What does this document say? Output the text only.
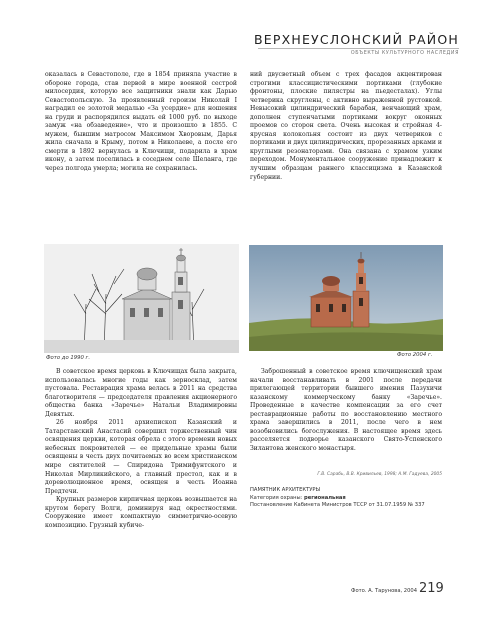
ВЕРХНЕУСЛОНСКИЙ РАЙОН
ОБЪЕКТЫ КУЛЬТУРНОГО НАСЛЕДИЯ

оказалась в Севастополе, где в 1854 приняла участие в обороне города, став первой в мире военной сестрой милосердия, которую все защитники знали как Дарью Севастопольскую. За проявленный героизм Николай I наградил ее золотой медалью «За усердие» для ношения на груди и распорядился выдать ей 1000 руб. по выходе замуж «на обзаведение», что и произошло в 1855. С мужем, бывшим матросом Максимом Хворовым, Дарья жила сначала в Крыму, потом в Николаеве, а после его смерти в 1892 вернулась в Ключищи, подарила в храм икону, а затем поселилась в соседнем селе Шеланга, где через полгода умерла; могила не сохранилась.

ний двусветный объем с трех фасадов акцентирован строгими классицистическими портиками (глубокие фронтоны, плоские пилястры на пьедесталах). Углы четверика скруглены, с активно выраженной рустовкой. Невысокий цилиндрический барабан, венчающий храм, дополнен ступенчатыми портиками вокруг оконных проемов со сторон света. Очень высокая и стройная 4-ярусная колокольня состоит из двух четвериков с портиками и двух цилиндрических, прорезанных арками и круглыми резонаторами. Она связана с храмом узким переходом. Монументальное сооружение принадлежит к лучшим образцам раннего классицизма в Казанской губернии.

Фото до 1990 г.	Фото 2004 г.

В советское время церковь в Ключищах была закрыта, использовалась многие годы как зерносклад, затем пустовала. Реставрация храма велась в 2011 на средства благотворителя — председателя правления акционерного общества банка «Заречье» Натальи Владимировны Девятых.

26 ноября 2011 архиепископ Казанский и Татарстанский Анастасий совершил торжественный чин освящения церкви, которая обрела с этого времени новых небесных покровителей — ее придельные храмы были освящены в честь двух почитаемых во всем христианском мире святителей — Спиридона Тримифунтского и Николая Мирликийского, а главный престол, как и в дореволюционное время, освящен в честь Иоанна Предтечи.

Крупных размеров кирпичная церковь возвышается на крутом берегу Волги, доминируя над окрестностями. Сооружение имеет компактную симметрично-осевую композицию. Грузный кубиче-

Заброшенный в советское время ключищенский храм начали восстанавливать в 2001 после передачи прилегающей территории бывшего имения Пазухичи казанскому коммерческому банку «Заречье». Проведенные в качестве компенсации за его счет реставрационные работы по восстановлению местного храма завершились в 2011, после чего в нем возобновились богослужения. В настоящее время здесь расселяется подворье казанского Свято-Успенского Зилантова женского монастыря.

Г.В. Сарабь, В.В. Кривильев, 1998; А.М. Гадуева, 2005
ПАМЯТНИК АРХИТЕКТУРЫ
Категория охраны: региональная
Постановление Кабинета Министров ТССР от 31.07.1959 № 337
Фото. А. Тарунова, 2004 219
